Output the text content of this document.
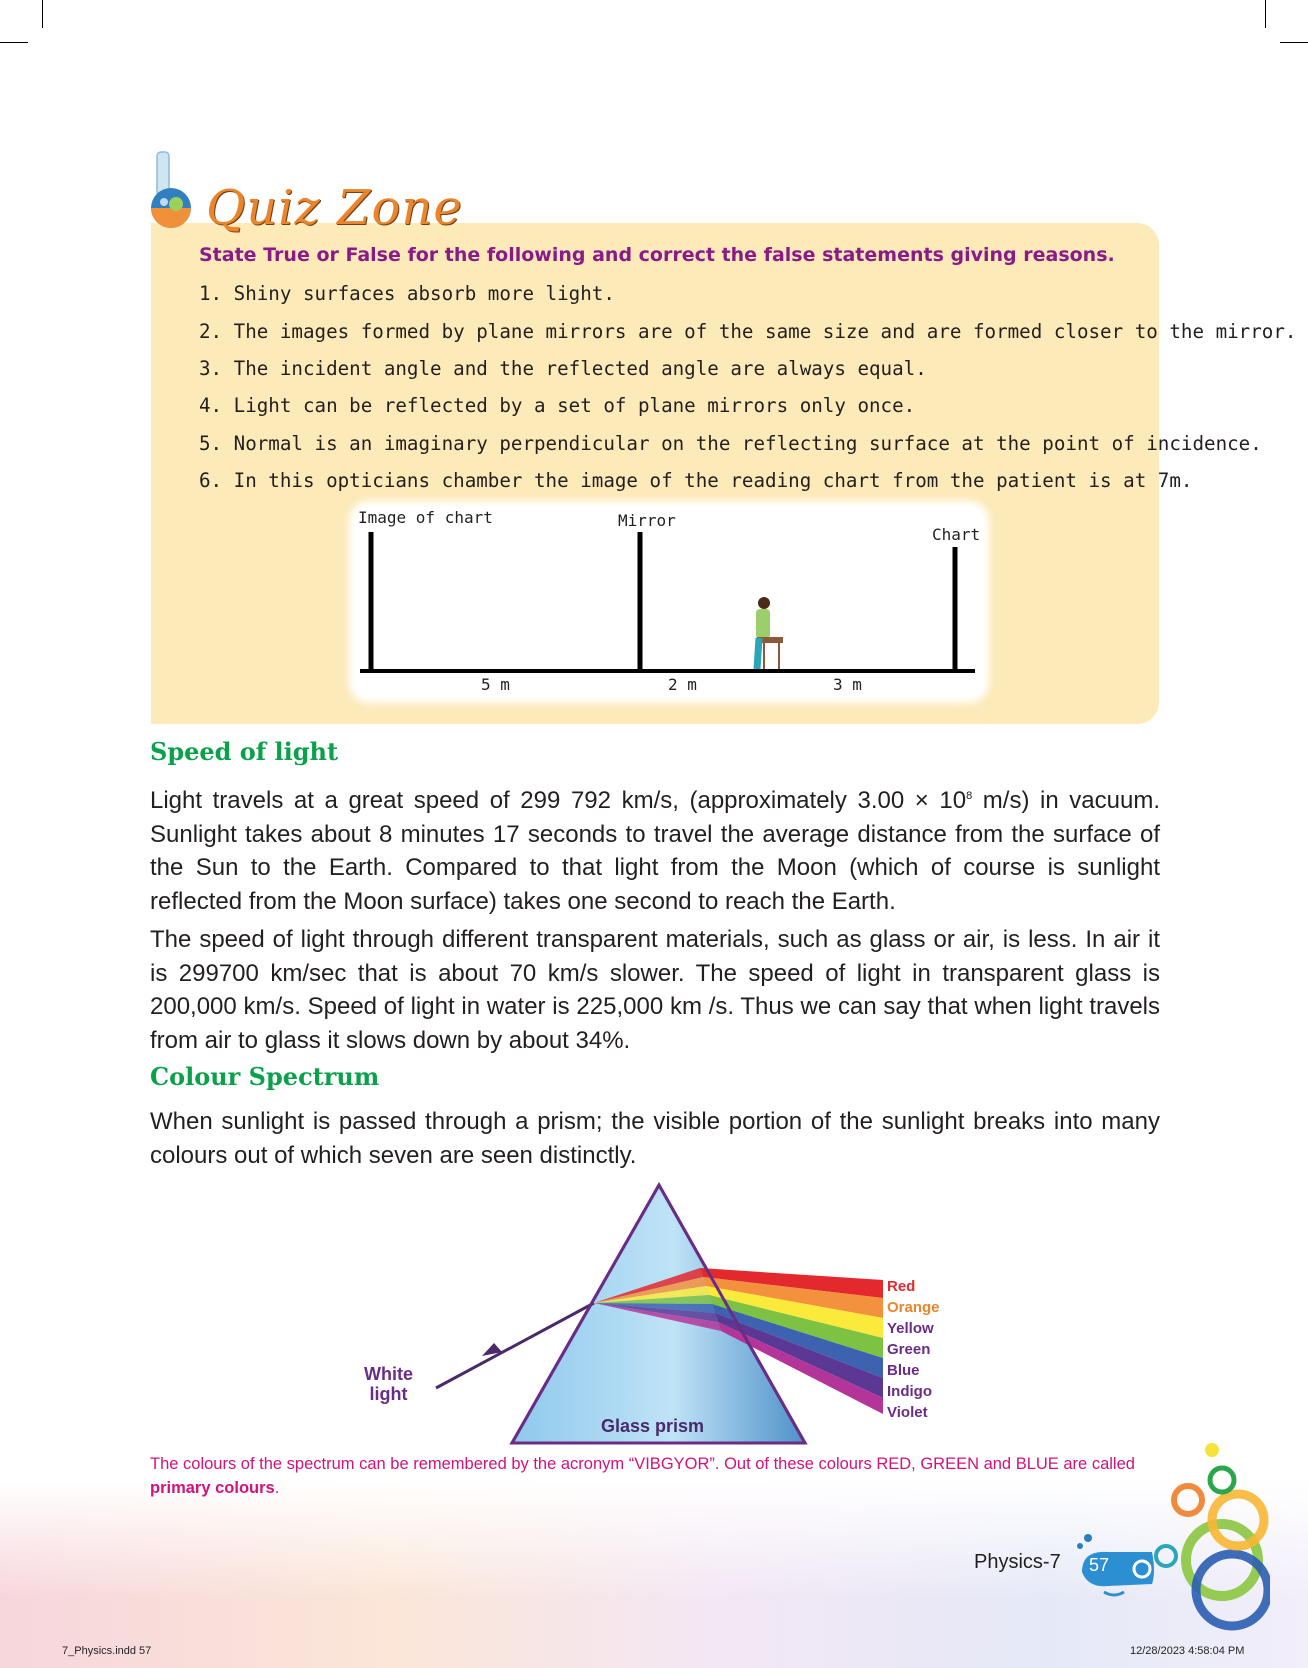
Quiz Zone
State True or False for the following and correct the false statements giving reasons.
1. Shiny surfaces absorb more light.
2. The images formed by plane mirrors are of the same size and are formed closer to the mirror.
3. The incident angle and the reflected angle are always equal.
4. Light can be reflected by a set of plane mirrors only once.
5. Normal is an imaginary perpendicular on the reflecting surface at the point of incidence.
6. In this opticians chamber the image of the reading chart from the patient is at 7m.
Image of chart	Mirror
Chart
5 m	2 m	3 m
Speed of light

Light travels at a great speed of 299 792 km/s, (approximately $3.00 \times 10^8$ m/s) in vacuum. Sunlight takes about 8 minutes 17 seconds to travel the average distance from the surface of the Sun to the Earth. Compared to that light from the Moon (which of course is sunlight reflected from the Moon surface) takes one second to reach the Earth.

The speed of light through different transparent materials, such as glass or air, is less. In air it is 299700 km/sec that is about 70 km/s slower. The speed of light in transparent glass is 200,000 km/s. Speed of light in water is 225,000 km /s. Thus we can say that when light travels from air to glass it slows down by about 34%.

Colour Spectrum

When sunlight is passed through a prism; the visible portion of the sunlight breaks into many colours out of which seven are seen distinctly.

White
light
Glass prism
Red
Orange
Yellow
Green
Blue
Indigo
Violet
The colours of the spectrum can be remembered by the acronym “VIBGYOR”. Out of these colours RED, GREEN and BLUE are called primary colours.
Physics-7 57
7_Physics.indd 57	12/28/2023 4:58:04 PM
